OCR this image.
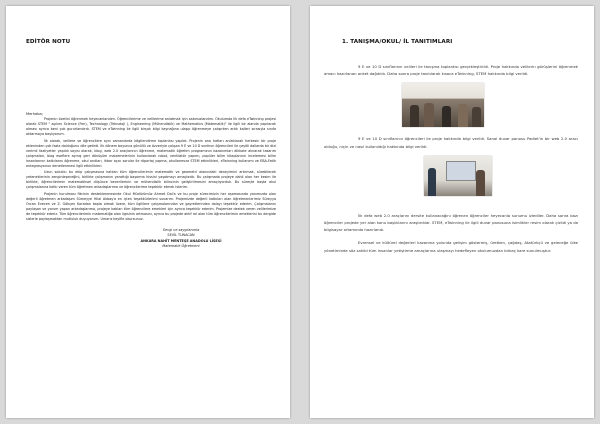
EDİTÖR NOTU
Merhaba;

Projenin özetini öğrenmek heyecanlandım. Öğrencilerime ve velilerime anlatmak için sabırsızlandım. Okulumda ilk defa eTwinning projesi olarak STEM " açılımı Science (Fen), Technology (Teknoloji ), Engineering (Mühendislik) ve Mathematics (Matematik)" ile ilgili bir alanda yapılacak olması ayrıca beni çok gururlandırdı. STEM ve eTwinning ile ilgili birçok bilgi kaynağına ulaşıp öğrenmeye çalışırken artık kalleri sırasıyla sınıfa aktarmaya başlıyorum.

İlk olarak, velilere ve öğrencilere aynı zamanlarda bilgilendirme toplantısı yapıldı. Projenin ana hatları anlatılarak herkesin bir proje ekleninden çok fazla dolduğunu dile getirdi. İlk dönem boyunca gönüllü ve özveriyle çalışan 9 E ve 10 D sınıfının öğrencileri ile çeşitli dallarda bir dizi verimli faaliyetler yapıldı sayısı olarak, blog, web 2.0 araçlarının öğrenme, matematik öğretim programının kazanımları dikkate alınarak tasarım çalışmaları, blog eseflere açmış geri dönüşüm malzemelerinin kullanılarak robot, ventilatör yapımı, popüler bilim kitaplarının incelemesi bilim insanlarının katkılarını öğrenme, okul anıtları, ihbar açıcı sorular ile röportaj yapma, okullarımıza STEM etkinlikleri, eTwinning kullanımı ve EBA-Fatih entegrasyonun denetlenmesi ilgili etkinlikleri.

Uzun soluklu bu ekip çalışmasına katılan tüm öğrencilerimin matematik ve geometri alanındaki deneyimini artırmak, sürebilecek yeteneklerinin zenginleşeceğini, birlikte çalışmanın yarattığı başarma hissini yaşatmayı amaçladık. Bu çalışmada projeye dahil olan her kesim ile birlikte, öğrencilerimin matematiksel düşünce becerilerinin ve mühendislik bilincinin geliştirilmesini amaçlıyorduk. Bu süreçte başta okul çalışmalarına katkı veren tüm öğretmen arkadaşlarıma ve öğrencilerime teşekkür etmek isterim.

Projenin kurulması fikrinin desteklenmesinde Okul Müdürümüz Ahmet Dal'a ve bu proje sürecimizin her aşamasında yanımızda olan değerli öğretmen arkadaşım Sümeyye Hilal Akbaş'a en içten teşekkürlerimi sunarım. Projemizde değerli katkıları olan öğretmenlerimiz Süreyya Orcan Evecen ve Z. Gökçen Karadan başta olmak üzere, tüm ilgililere çalışmalarından ve gayretlerinden dolayı teşekkür ederim. Çalışmalarını paylaşan ve yorum yapan arkadaşlarıma, projeye katılan tüm öğrencilere emekleri için ayrıca teşekkür ederim. Projemize destek veren velilerimize de teşekkür ederiz. Tüm öğrencilerimin matematiğe olan ilgisinin artmasını, ayrıca bu projede aktif rol alan tüm öğrencilerimin emeklerini bu dergide sizlerle paylaşmaktan mutluluk duyuyorum. Umarız keyifle okursunuz.

Sevgi ve saygılarımla
SEVİL TUNACAN
ANKARA NAHİT MENTEŞE ANADOLU LİSESİ
Matematik Öğretmeni
1. TANIŞMA/OKUL/ İL TANITIMLARI

9 E ve 10 D sınıflarının velileri ile tanışma toplantısı gerçekleştirildi. Proje hakkında velilerin görüşlerini öğrenmek amacı hazırlanan anket dağıtıldı. Daha sonra proje tanıtılarak kısaca eTwinning, STEM hakkında bilgi verildi.

9 E ve 10 D sınıflarının öğrencileri ile proje hakkında bilgi verildi. Sanal duvar panosu Padlet'in bir web 2.0 aracı olduğu, niçin ve nasıl kullanıldığı hakkında bilgi verildi.

İlk defa web 2.0 araçlarını dersite kullanacağını öğrenen öğrenciler heyecanla sunumu izlediler. Daha sonra bazı öğrenciler projede yer alan konu başlıklarını araştırdılar. STEM, eTwinning ile ilgili duvar panosuna isimlikler resim olarak çizildi ya da bilgisayar ortamında hazırlandı.

Evrensel ve kültürel değerleri kazanma yolunda gelişim göstermiş, üretken, çağdaş, Atatürkçü ve geleceğe ülke yönetiminde söz sahibi tüm insanlar yetiştirme amaçlarına ulaşmayı hedefleyen okulumuzdan birkaç kare sunulmuştur.
